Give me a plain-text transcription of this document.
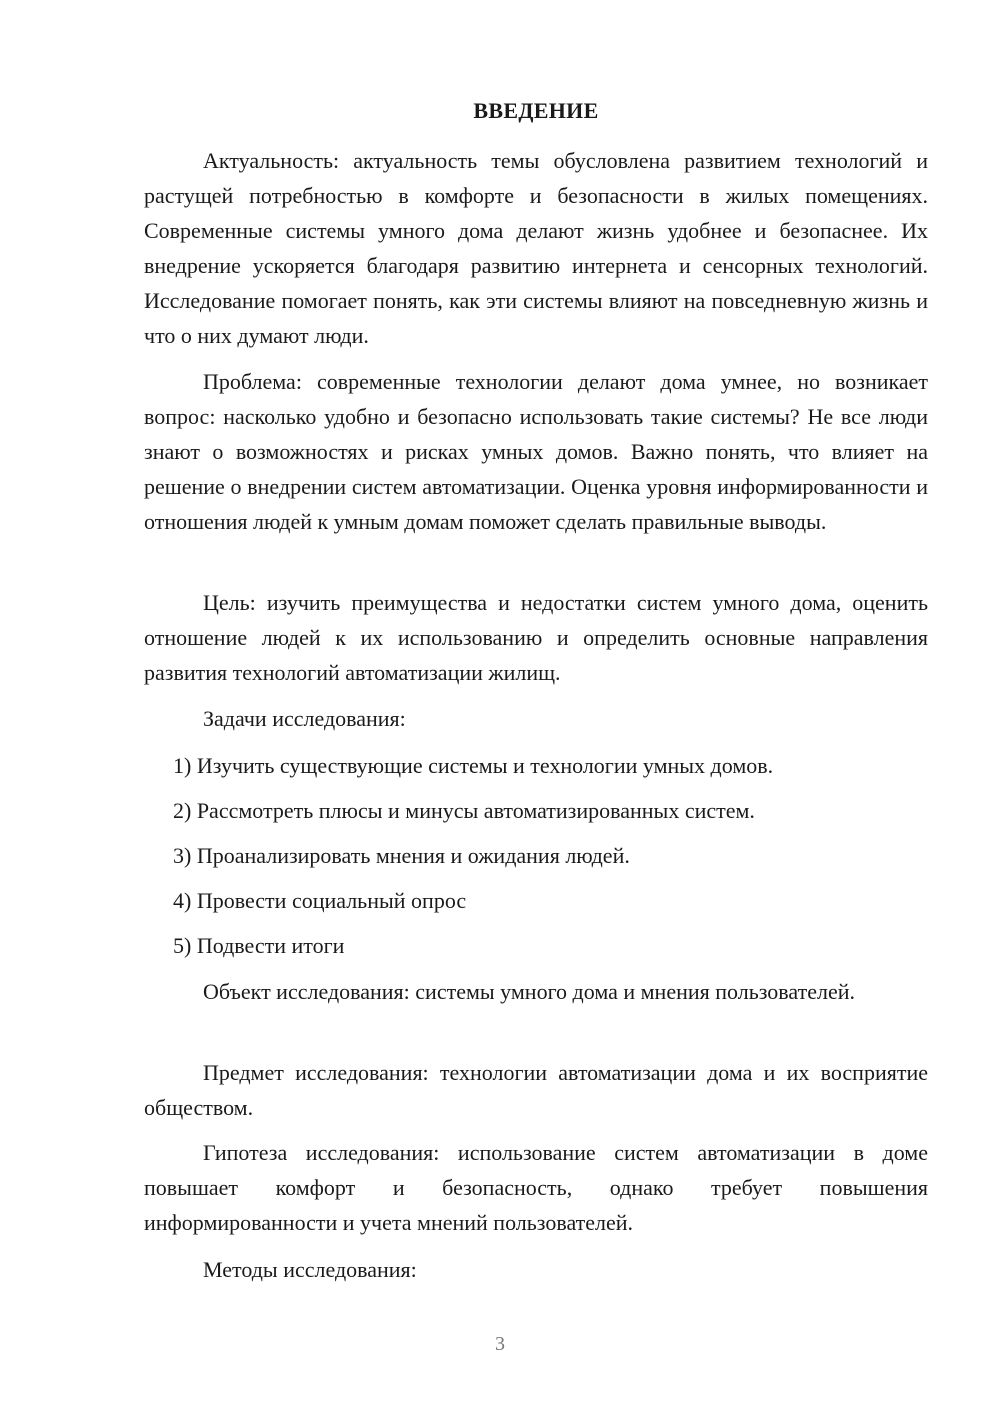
ВВЕДЕНИЕ

Актуальность: актуальность темы обусловлена развитием технологий и растущей потребностью в комфорте и безопасности в жилых помещениях. Современные системы умного дома делают жизнь удобнее и безопаснее. Их внедрение ускоряется благодаря развитию интернета и сенсорных технологий. Исследование помогает понять, как эти системы влияют на повседневную жизнь и что о них думают люди.

Проблема: современные технологии делают дома умнее, но возникает вопрос: насколько удобно и безопасно использовать такие системы? Не все люди знают о возможностях и рисках умных домов. Важно понять, что влияет на решение о внедрении систем автоматизации. Оценка уровня информированности и отношения людей к умным домам поможет сделать правильные выводы.

Цель: изучить преимущества и недостатки систем умного дома, оценить отношение людей к их использованию и определить основные направления развития технологий автоматизации жилищ.

Задачи исследования:

1) Изучить существующие системы и технологии умных домов.

2) Рассмотреть плюсы и минусы автоматизированных систем.

3) Проанализировать мнения и ожидания людей.

4) Провести социальный опрос

5) Подвести итоги

Объект исследования: системы умного дома и мнения пользователей.

Предмет исследования: технологии автоматизации дома и их восприятие обществом.

Гипотеза исследования: использование систем автоматизации в доме повышает комфорт и безопасность, однако требует повышения информированности и учета мнений пользователей.

Методы исследования:

3
